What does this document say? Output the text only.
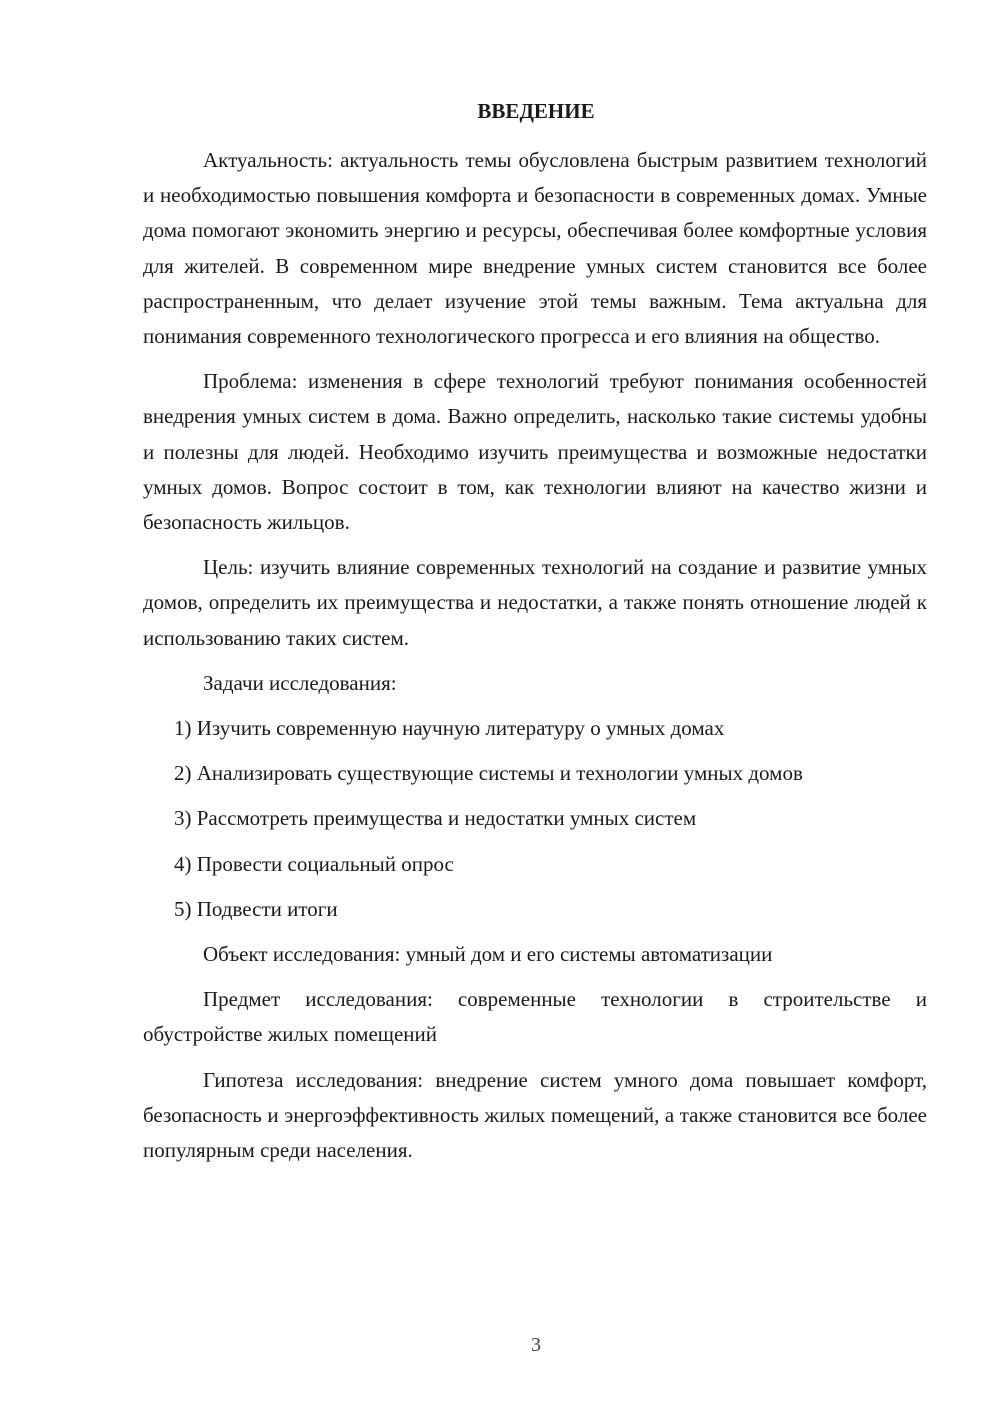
ВВЕДЕНИЕ

Актуальность: актуальность темы обусловлена быстрым развитием технологий и необходимостью повышения комфорта и безопасности в современных домах. Умные дома помогают экономить энергию и ресурсы, обеспечивая более комфортные условия для жителей. В современном мире внедрение умных систем становится все более распространенным, что делает изучение этой темы важным. Тема актуальна для понимания современного технологического прогресса и его влияния на общество.

Проблема: изменения в сфере технологий требуют понимания особенностей внедрения умных систем в дома. Важно определить, насколько такие системы удобны и полезны для людей. Необходимо изучить преимущества и возможные недостатки умных домов. Вопрос состоит в том, как технологии влияют на качество жизни и безопасность жильцов.

Цель: изучить влияние современных технологий на создание и развитие умных домов, определить их преимущества и недостатки, а также понять отношение людей к использованию таких систем.

Задачи исследования:

1) Изучить современную научную литературу о умных домах
2) Анализировать существующие системы и технологии умных домов
3) Рассмотреть преимущества и недостатки умных систем
4) Провести социальный опрос
5) Подвести итоги

Объект исследования: умный дом и его системы автоматизации

Предмет исследования: современные технологии в строительстве и обустройстве жилых помещений

Гипотеза исследования: внедрение систем умного дома повышает комфорт, безопасность и энергоэффективность жилых помещений, а также становится все более популярным среди населения.

3
